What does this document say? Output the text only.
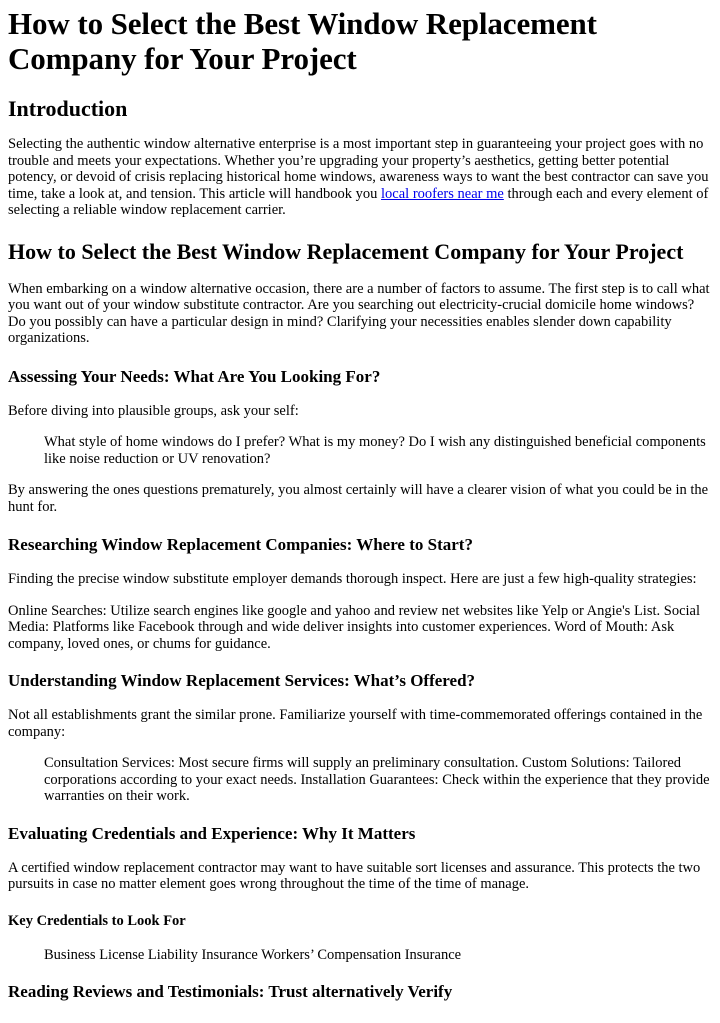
How to Select the Best Window Replacement Company for Your Project
Introduction

Selecting the authentic window alternative enterprise is a most important step in guaranteeing your project goes with no trouble and meets your expectations. Whether you’re upgrading your property’s aesthetics, getting better potential potency, or devoid of crisis replacing historical home windows, awareness ways to want the best contractor can save you time, take a look at, and tension. This article will handbook you local roofers near me through each and every element of selecting a reliable window replacement carrier.

How to Select the Best Window Replacement Company for Your Project

When embarking on a window alternative occasion, there are a number of factors to assume. The first step is to call what you want out of your window substitute contractor. Are you searching out electricity-crucial domicile home windows? Do you possibly can have a particular design in mind? Clarifying your necessities enables slender down capability organizations.

Assessing Your Needs: What Are You Looking For?

Before diving into plausible groups, ask your self:

What style of home windows do I prefer? What is my money? Do I wish any distinguished beneficial components like noise reduction or UV renovation?

By answering the ones questions prematurely, you almost certainly will have a clearer vision of what you could be in the hunt for.

Researching Window Replacement Companies: Where to Start?

Finding the precise window substitute employer demands thorough inspect. Here are just a few high-quality strategies:

Online Searches: Utilize search engines like google and yahoo and review net websites like Yelp or Angie's List. Social Media: Platforms like Facebook through and wide deliver insights into customer experiences. Word of Mouth: Ask company, loved ones, or chums for guidance.

Understanding Window Replacement Services: What’s Offered?

Not all establishments grant the similar prone. Familiarize yourself with time-commemorated offerings contained in the company:

Consultation Services: Most secure firms will supply an preliminary consultation. Custom Solutions: Tailored corporations according to your exact needs. Installation Guarantees: Check within the experience that they provide warranties on their work.
Evaluating Credentials and Experience: Why It Matters

A certified window replacement contractor may want to have suitable sort licenses and assurance. This protects the two pursuits in case no matter element goes wrong throughout the time of the time of manage.

Key Credentials to Look For
Business License Liability Insurance Workers’ Compensation Insurance
Reading Reviews and Testimonials: Trust alternatively Verify
